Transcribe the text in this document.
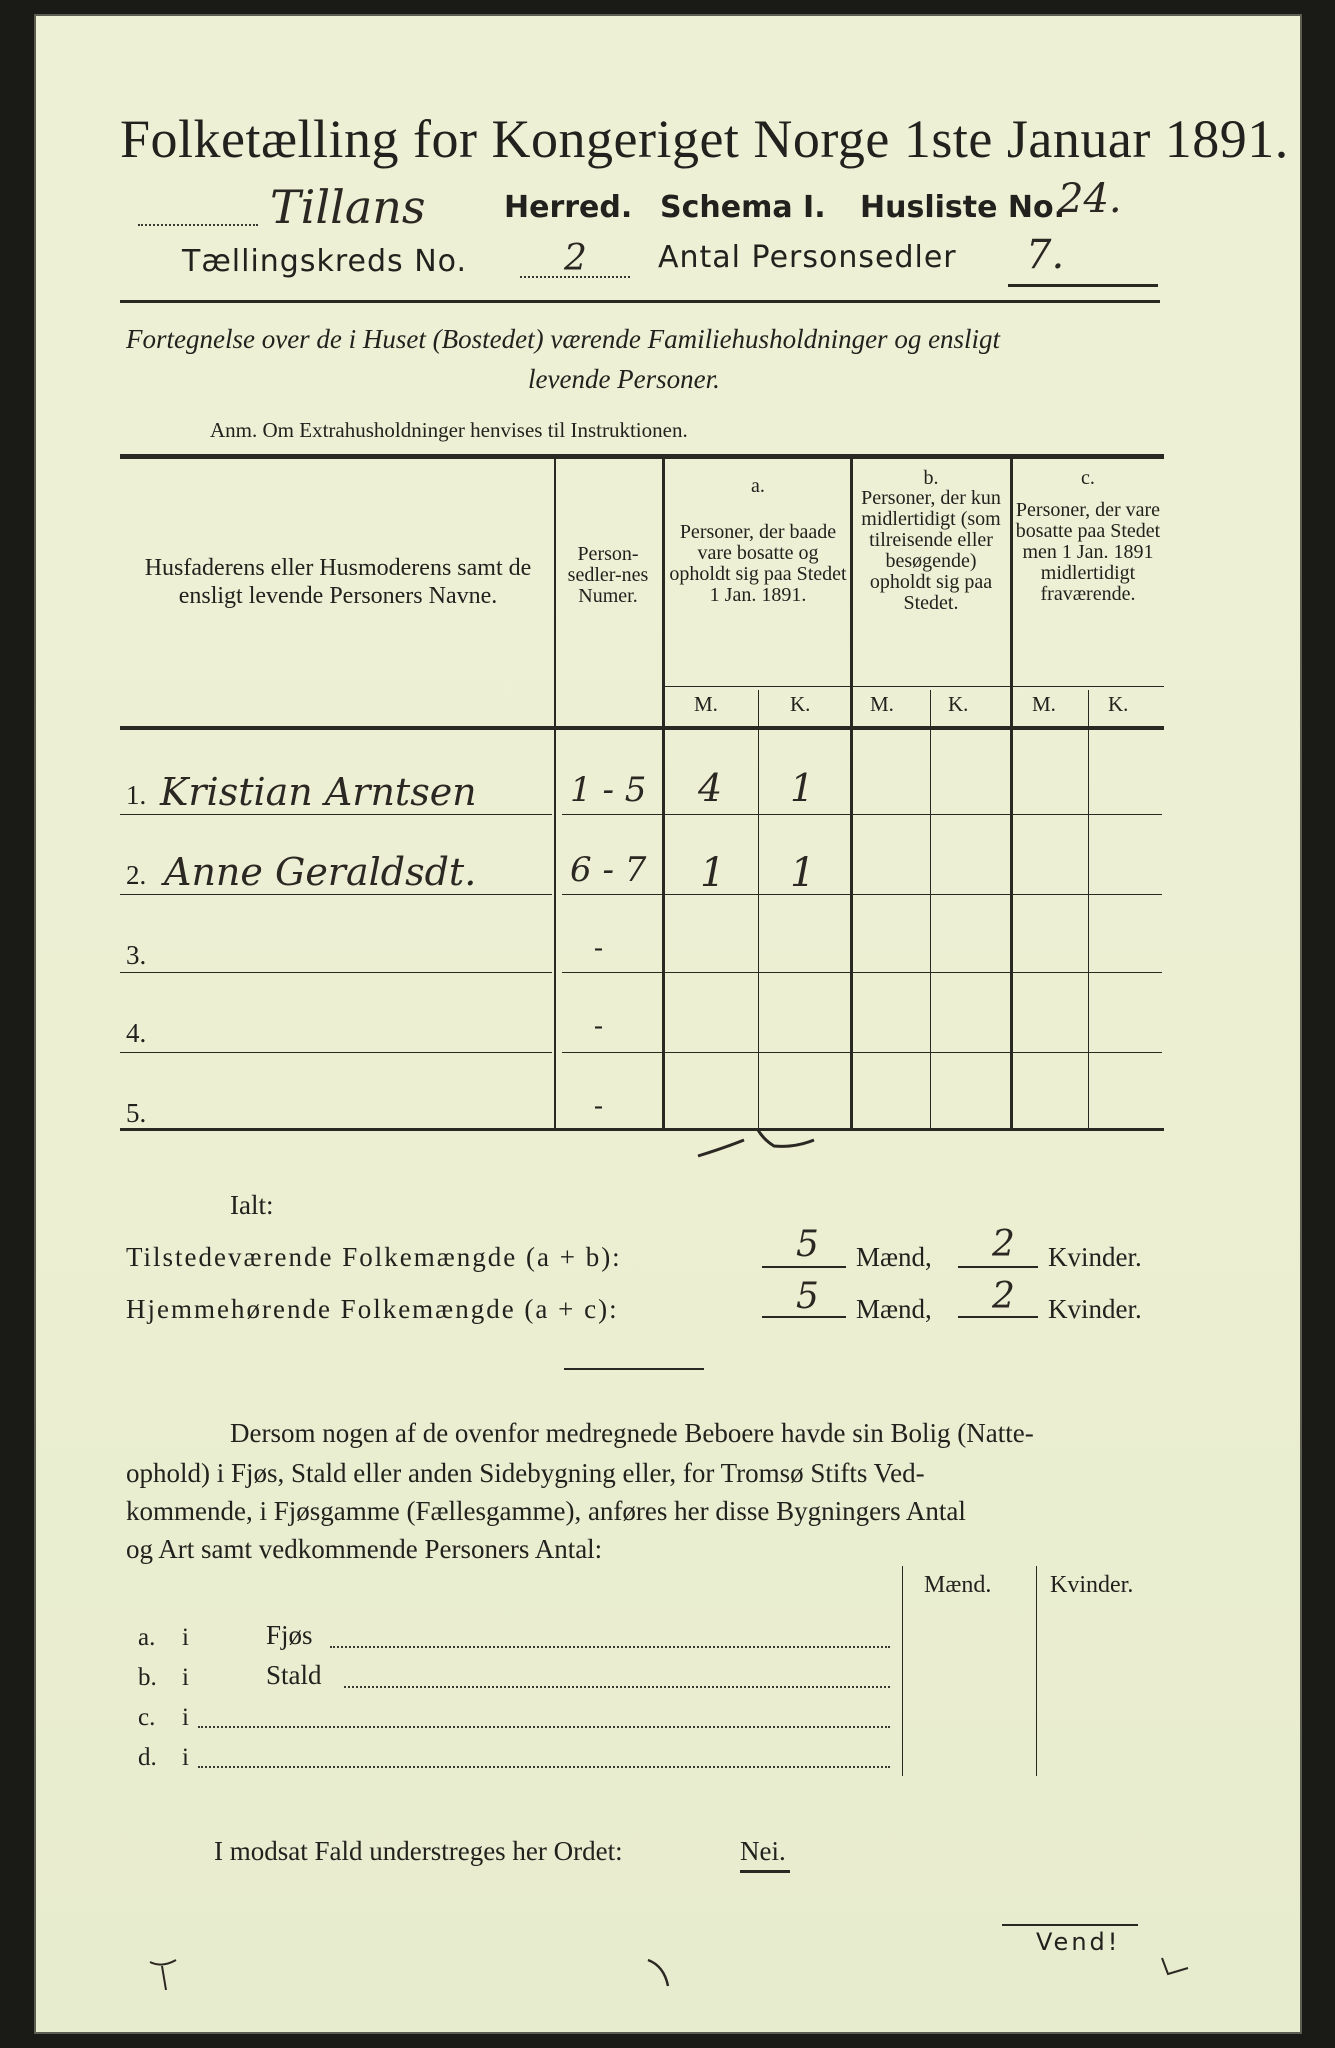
Folketælling for Kongeriget Norge 1ste Januar 1891.
Tillans	Herred. Schema I. Husliste No.
24.
Tællingskreds No.	2 Antal Personsedler 7.
Fortegnelse over de i Huset (Bostedet) værende Familiehusholdninger og ensligt
levende Personer.
Anm. Om Extrahusholdninger henvises til Instruktionen.
Husfaderens eller Husmoderens samt de ensligt levende Personers Navne.
Person-sedler-nes Numer.
a.
Personer, der baade vare bosatte og opholdt sig paa Stedet 1 Jan. 1891.
b.
Personer, der kun midlertidigt (som tilreisende eller besøgende) opholdt sig paa Stedet.
c.
Personer, der vare bosatte paa Stedet men 1 Jan. 1891 midlertidigt fraværende.
M.	K.	M.	K.	M. K.
1. Kristian Arntsen	1 - 5 4 1
2. Anne Geraldsdt.	6 - 7 1 1
3.	-
4.	-
5.	-
Ialt:
Tilstedeværende Folkemængde (a + b):	5 Mænd, 2 Kvinder.
Hjemmehørende Folkemængde (a + c):	5 Mænd, 2 Kvinder.
Dersom nogen af de ovenfor medregnede Beboere havde sin Bolig (Natte-
ophold) i Fjøs, Stald eller anden Sidebygning eller, for Tromsø Stifts Ved-
kommende, i Fjøsgamme (Fællesgamme), anføres her disse Bygningers Antal
og Art samt vedkommende Personers Antal:
Mænd. Kvinder.
a. i	Fjøs
b. i	Stald
c. i
d. i
I modsat Fald understreges her Ordet:	Nei.
Vend!
